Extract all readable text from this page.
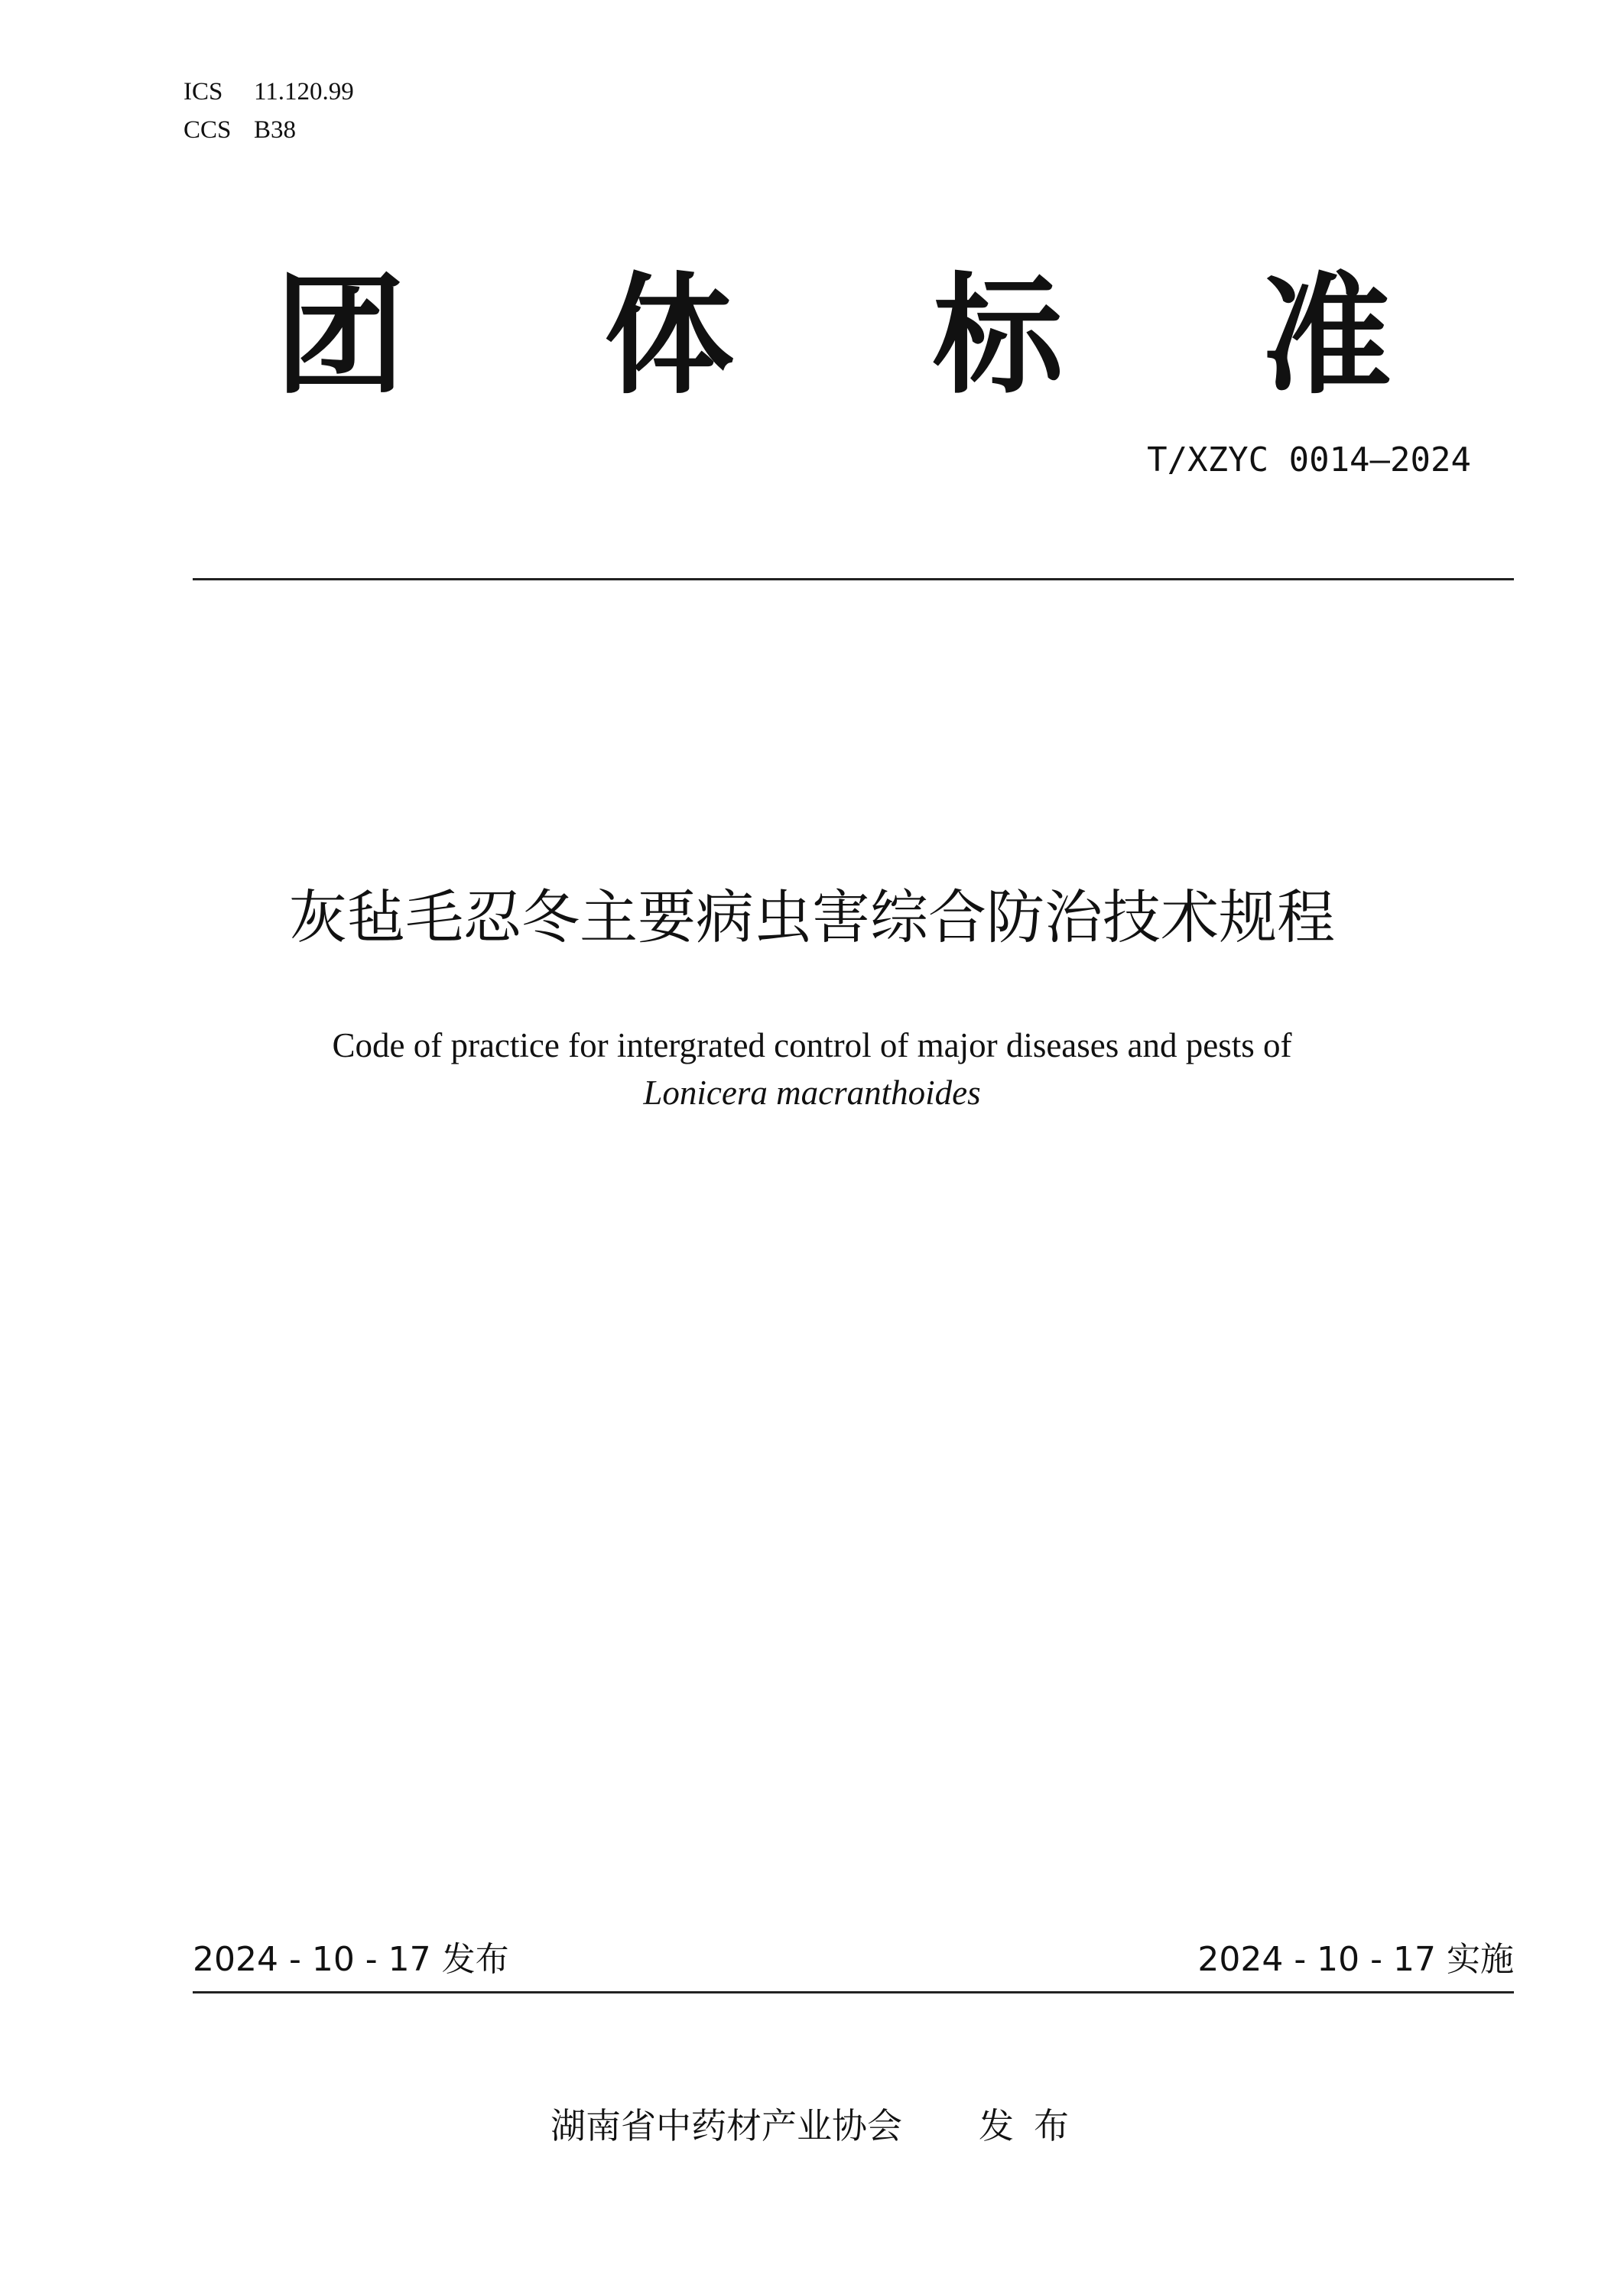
ICS 11.120.99
CCS B38
团 体 标 准
T/XZYC 0014—2024
灰毡毛忍冬主要病虫害综合防治技术规程
Code of practice for intergrated control of major diseases and pests of
Lonicera macranthoides
2024 - 10 - 17 发布	2024 - 10 - 17 实施
湖南省中药材产业协会 发布
